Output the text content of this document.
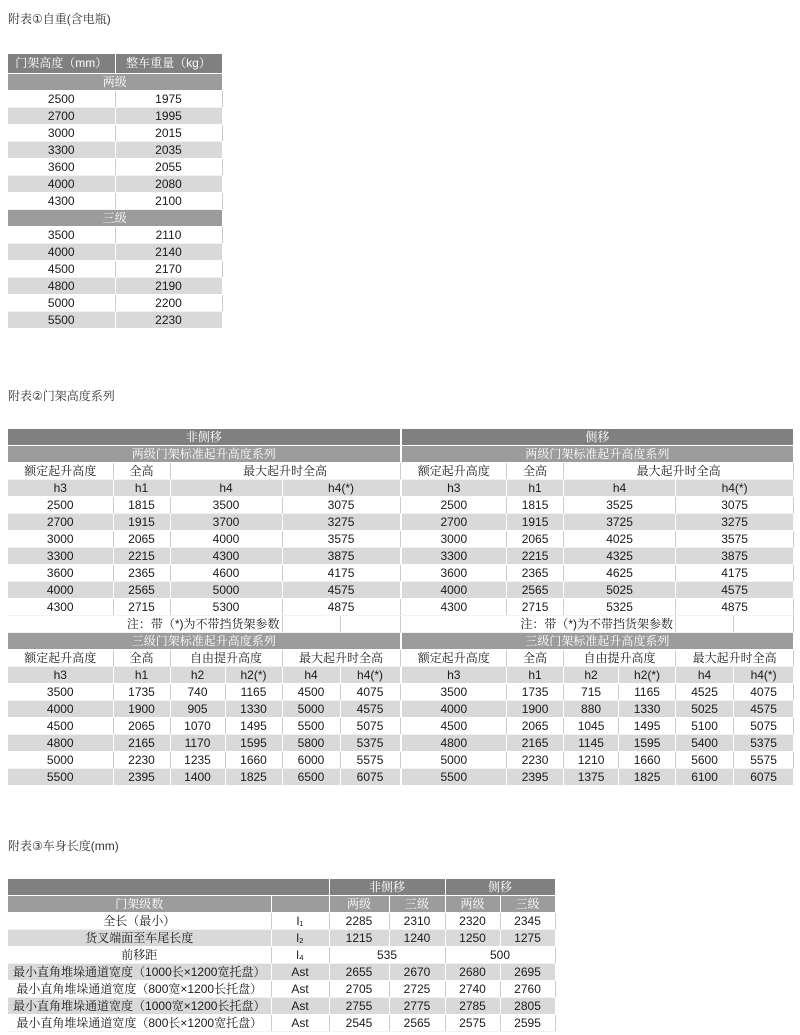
附表①自重(含电瓶)
门架高度（mm）	整车重量（kg）
两级	
2500	1975
2700	1995
3000	2015
3300	2035
3600	2055
4000	2080
4300	2100
三级	
3500	2110
4000	2140
4500	2170
4800	2190
5000	2200
5500	2230
附表②门架高度系列
非侧移					
两级门架标准起升高度系列					
额定起升高度	全高	最大起升时全高			
h3	h1	h4		h4(*)	
2500	1815	3500		3075	
2700	1915	3700		3275	
3000	2065	4000		3575	
3300	2215	4300		3875	
3600	2365	4600		4175	
4000	2565	5000		4575	
4300	2715	5300		4875	
注：带（*)为不带挡货架参数					
三级门架标准起升高度系列					
额定起升高度	全高	自由提升高度		最大起升时全高	
h3	h1	h2	h2(*)	h4	h4(*)
3500	1735	740	1165	4500	4075
4000	1900	905	1330	5000	4575
4500	2065	1070	1495	5500	5075
4800	2165	1170	1595	5800	5375
5000	2230	1235	1660	6000	5575
5500	2395	1400	1825	6500	6075
侧移					
两级门架标准起升高度系列					
额定起升高度	全高	最大起升时全高			
h3	h1	h4		h4(*)	
2500	1815	3525		3075	
2700	1915	3725		3275	
3000	2065	4025		3575	
3300	2215	4325		3875	
3600	2365	4625		4175	
4000	2565	5025		4575	
4300	2715	5325		4875	
注：带（*)为不带挡货架参数					
三级门架标准起升高度系列					
额定起升高度	全高	自由提升高度		最大起升时全高	
h3	h1	h2	h2(*)	h4	h4(*)
3500	1735	715	1165	4525	4075
4000	1900	880	1330	5025	4575
4500	2065	1045	1495	5100	5075
4800	2165	1145	1595	5400	5375
5000	2230	1210	1660	5600	5575
5500	2395	1375	1825	6100	6075
附表③车身长度(mm)
		非侧移		侧移	
门架级数		两级	三级	两级	三级
全长（最小）	l₁	2285	2310	2320	2345
货叉端面至车尾长度	l₂	1215	1240	1250	1275
前移距	l₄	535		500	
最小直角堆垛通道宽度（1000长×1200宽托盘）	Ast	2655	2670	2680	2695
最小直角堆垛通道宽度（800宽×1200长托盘）	Ast	2705	2725	2740	2760
最小直角堆垛通道宽度（1000宽×1200长托盘）	Ast	2755	2775	2785	2805
最小直角堆垛通道宽度（800长×1200宽托盘）	Ast	2545	2565	2575	2595
